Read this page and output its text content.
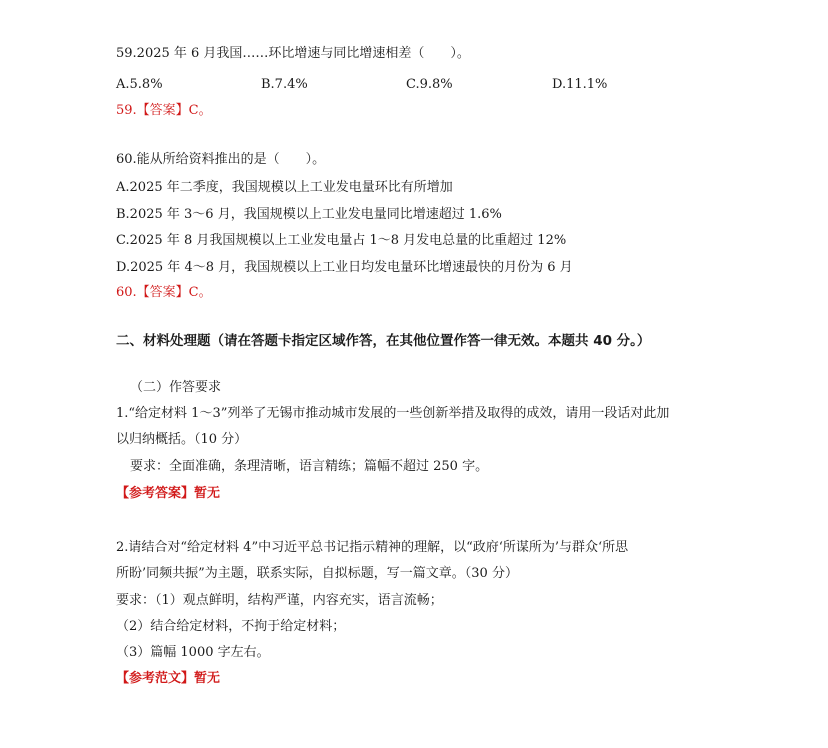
59.2025 年 6 月我国……环比增速与同比增速相差（　　）。
A.5.8%	B.7.4%	C.9.8%	D.11.1%
59.【答案】C。
60.能从所给资料推出的是（　　）。
A.2025 年二季度，我国规模以上工业发电量环比有所增加
B.2025 年 3～6 月，我国规模以上工业发电量同比增速超过 1.6%
C.2025 年 8 月我国规模以上工业发电量占 1～8 月发电总量的比重超过 12%
D.2025 年 4～8 月，我国规模以上工业日均发电量环比增速最快的月份为 6 月
60.【答案】C。
二、材料处理题（请在答题卡指定区域作答，在其他位置作答一律无效。本题共 40 分。）
（二）作答要求
1.“给定材料 1～3”列举了无锡市推动城市发展的一些创新举措及取得的成效，请用一段话对此加
以归纳概括。（10 分）
要求：全面准确，条理清晰，语言精练；篇幅不超过 250 字。
【参考答案】暂无
2.请结合对“给定材料 4”中习近平总书记指示精神的理解，以“政府‘所谋所为’与群众‘所思
所盼’同频共振”为主题，联系实际，自拟标题，写一篇文章。（30 分）
要求：（1）观点鲜明，结构严谨，内容充实，语言流畅；
（2）结合给定材料，不拘于给定材料；
（3）篇幅 1000 字左右。
【参考范文】暂无
